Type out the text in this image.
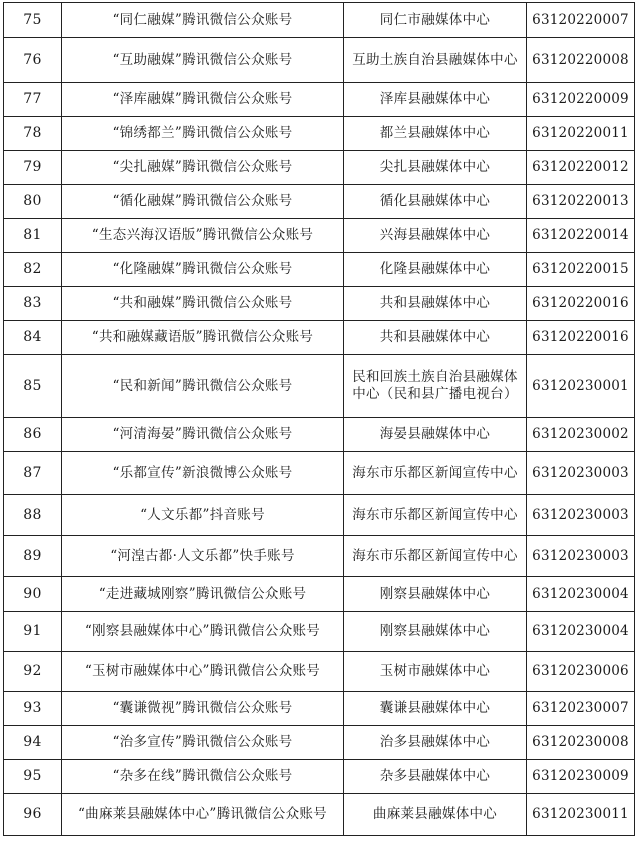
75	“同仁融媒”腾讯微信公众账号	同仁市融媒体中心	63120220007
76	“互助融媒”腾讯微信公众账号	互助土族自治县融媒体中心	63120220008
77	“泽库融媒”腾讯微信公众账号	泽库县融媒体中心	63120220009
78	“锦绣都兰”腾讯微信公众账号	都兰县融媒体中心	63120220011
79	“尖扎融媒”腾讯微信公众账号	尖扎县融媒体中心	63120220012
80	“循化融媒”腾讯微信公众账号	循化县融媒体中心	63120220013
81	“生态兴海汉语版”腾讯微信公众账号	兴海县融媒体中心	63120220014
82	“化隆融媒”腾讯微信公众账号	化隆县融媒体中心	63120220015
83	“共和融媒”腾讯微信公众账号	共和县融媒体中心	63120220016
84	“共和融媒藏语版”腾讯微信公众账号	共和县融媒体中心	63120220016
85	“民和新闻”腾讯微信公众账号	民和回族土族自治县融媒体中心（民和县广播电视台）	63120230001
86	“河清海晏”腾讯微信公众账号	海晏县融媒体中心	63120230002
87	“乐都宣传”新浪微博公众账号	海东市乐都区新闻宣传中心	63120230003
88	“人文乐都”抖音账号	海东市乐都区新闻宣传中心	63120230003
89	“河湟古都·人文乐都”快手账号	海东市乐都区新闻宣传中心	63120230003
90	“走进藏城刚察”腾讯微信公众账号	刚察县融媒体中心	63120230004
91	“刚察县融媒体中心”腾讯微信公众账号	刚察县融媒体中心	63120230004
92	“玉树市融媒体中心”腾讯微信公众账号	玉树市融媒体中心	63120230006
93	“囊谦微视”腾讯微信公众账号	囊谦县融媒体中心	63120230007
94	“治多宣传”腾讯微信公众账号	治多县融媒体中心	63120230008
95	“杂多在线”腾讯微信公众账号	杂多县融媒体中心	63120230009
96	“曲麻莱县融媒体中心”腾讯微信公众账号	曲麻莱县融媒体中心	63120230011
